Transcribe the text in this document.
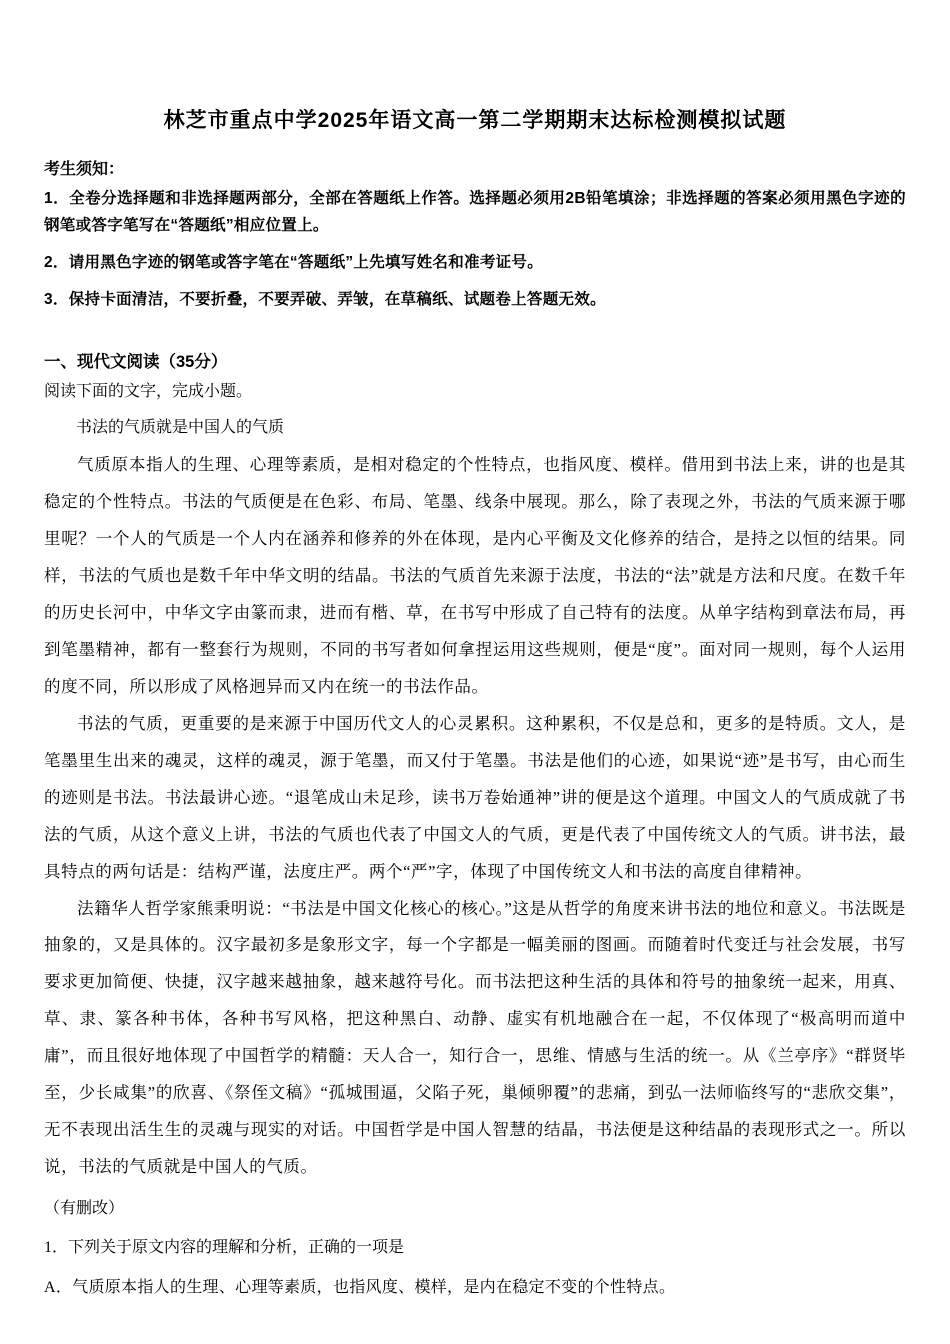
林芝市重点中学2025年语文高一第二学期期末达标检测模拟试题
考生须知：

1．全卷分选择题和非选择题两部分，全部在答题纸上作答。选择题必须用2B铅笔填涂；非选择题的答案必须用黑色字迹的钢笔或答字笔写在“答题纸”相应位置上。

2．请用黑色字迹的钢笔或答字笔在“答题纸”上先填写姓名和准考证号。

3．保持卡面清洁，不要折叠，不要弄破、弄皱，在草稿纸、试题卷上答题无效。

一、现代文阅读（35分）

阅读下面的文字，完成小题。

书法的气质就是中国人的气质

气质原本指人的生理、心理等素质，是相对稳定的个性特点，也指风度、模样。借用到书法上来，讲的也是其稳定的个性特点。书法的气质便是在色彩、布局、笔墨、线条中展现。那么，除了表现之外，书法的气质来源于哪里呢？一个人的气质是一个人内在涵养和修养的外在体现，是内心平衡及文化修养的结合，是持之以恒的结果。同样，书法的气质也是数千年中华文明的结晶。书法的气质首先来源于法度，书法的“法”就是方法和尺度。在数千年的历史长河中，中华文字由篆而隶，进而有楷、草，在书写中形成了自己特有的法度。从单字结构到章法布局，再到笔墨精神，都有一整套行为规则，不同的书写者如何拿捏运用这些规则，便是“度”。面对同一规则，每个人运用的度不同，所以形成了风格迥异而又内在统一的书法作品。

书法的气质，更重要的是来源于中国历代文人的心灵累积。这种累积，不仅是总和，更多的是特质。文人，是笔墨里生出来的魂灵，这样的魂灵，源于笔墨，而又付于笔墨。书法是他们的心迹，如果说“迹”是书写，由心而生的迹则是书法。书法最讲心迹。“退笔成山未足珍，读书万卷始通神”讲的便是这个道理。中国文人的气质成就了书法的气质，从这个意义上讲，书法的气质也代表了中国文人的气质，更是代表了中国传统文人的气质。讲书法，最具特点的两句话是：结构严谨，法度庄严。两个“严”字，体现了中国传统文人和书法的高度自律精神。

法籍华人哲学家熊秉明说：“书法是中国文化核心的核心。”这是从哲学的角度来讲书法的地位和意义。书法既是抽象的，又是具体的。汉字最初多是象形文字，每一个字都是一幅美丽的图画。而随着时代变迁与社会发展，书写要求更加简便、快捷，汉字越来越抽象，越来越符号化。而书法把这种生活的具体和符号的抽象统一起来，用真、草、隶、篆各种书体，各种书写风格，把这种黑白、动静、虚实有机地融合在一起，不仅体现了“极高明而道中庸”，而且很好地体现了中国哲学的精髓：天人合一，知行合一，思维、情感与生活的统一。从《兰亭序》“群贤毕至，少长咸集”的欣喜、《祭侄文稿》“孤城围逼，父陷子死，巢倾卵覆”的悲痛，到弘一法师临终写的“悲欣交集”，无不表现出活生生的灵魂与现实的对话。中国哲学是中国人智慧的结晶，书法便是这种结晶的表现形式之一。所以说，书法的气质就是中国人的气质。

（有删改）

1．下列关于原文内容的理解和分析，正确的一项是

A．气质原本指人的生理、心理等素质，也指风度、模样，是内在稳定不变的个性特点。
